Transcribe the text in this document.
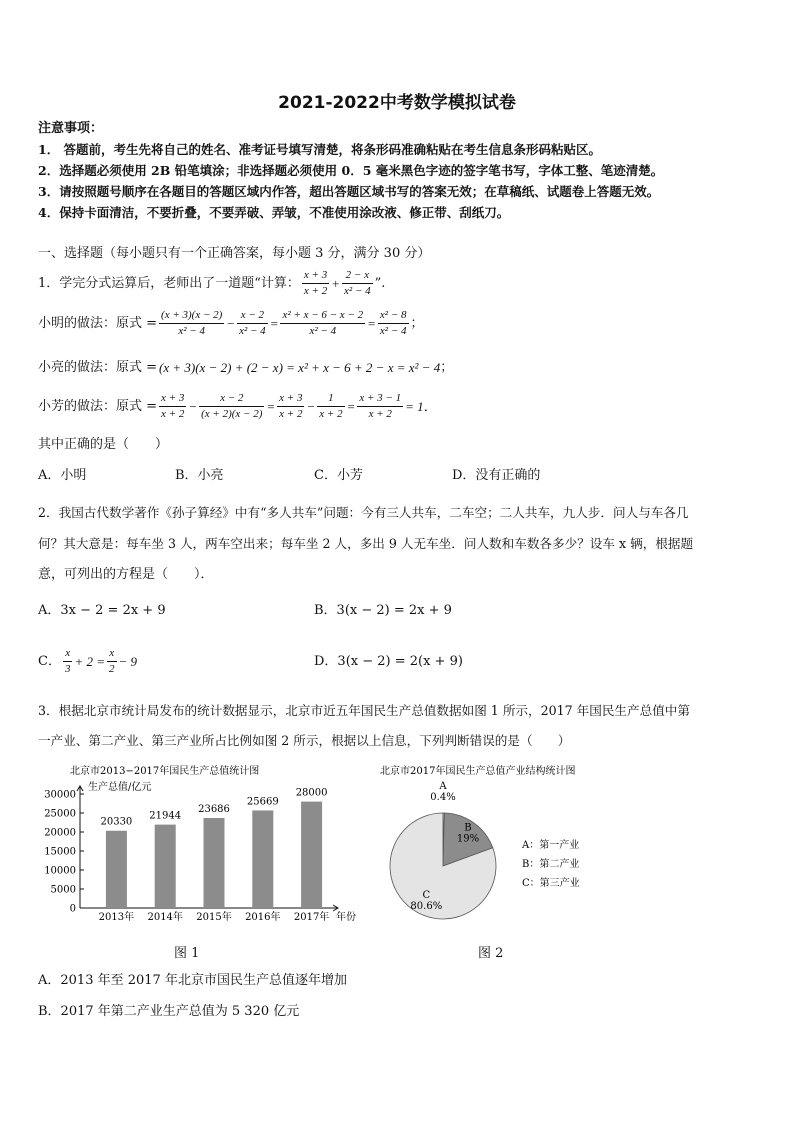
2021-2022中考数学模拟试卷
注意事项：
1． 答题前，考生先将自己的姓名、准考证号填写清楚，将条形码准确粘贴在考生信息条形码粘贴区。
2．选择题必须使用 2B 铅笔填涂；非选择题必须使用 0．5 毫米黑色字迹的签字笔书写，字体工整、笔迹清楚。
3．请按照题号顺序在各题目的答题区域内作答，超出答题区域书写的答案无效；在草稿纸、试题卷上答题无效。
4．保持卡面清洁，不要折叠，不要弄破、弄皱，不准使用涂改液、修正带、刮纸刀。
一、选择题（每小题只有一个正确答案，每小题 3 分，满分 30 分）
1．学完分式运算后，老师出了一道题“计算： $\frac{x + 3}{x + 2} + \frac{2 - x}{\text{x² − 4}}$ ”.
小明的做法：原式 = $\frac{(x + 3)(x - 2)}{\text{x² − 4}} - \frac{x - 2}{\text{x² − 4}} = \frac{\text{x² + x − 6 − x − 2}}{\text{x² − 4}} = \frac{\text{x² − 8}}{\text{x² − 4}}$ ；
小亮的做法：原式 = (x + 3)(x − 2) + (2 − x) = x² + x − 6 + 2 − x = x² − 4 ；
小芳的做法：原式 = $\frac{x + 3}{x + 2} - \frac{x - 2}{(x + 2)(x - 2)} = \frac{x + 3}{x + 2} - \frac{1}{x + 2} = \frac{x + 3 - 1}{x + 2} = 1$．
其中正确的是（　　）
A．小明	B．小亮	C．小芳	D．没有正确的
2．我国古代数学著作《孙子算经》中有“多人共车”问题：今有三人共车，二车空；二人共车，九人步．问人与车各几
何？其大意是：每车坐 3 人，两车空出来；每车坐 2 人，多出 9 人无车坐．问人数和车数各多少？设车 x 辆，根据题
意，可列出的方程是（　　）．
A．3x − 2 = 2x + 9	B．3(x − 2) = 2x + 9
C． $\frac{x}{3} + 2 = \frac{x}{2} - 9$	D．3(x − 2) = 2(x + 9)
3．根据北京市统计局发布的统计数据显示，北京市近五年国民生产总值数据如图 1 所示，2017 年国民生产总值中第
一产业、第二产业、第三产业所占比例如图 2 所示，根据以上信息，下列判断错误的是（　　）
北京市2013−2017年国民生产总值统计图
生产总值/亿元
年份
0
5000
10000
15000
20000
25000
30000
20330
21944
23686
25669
28000
2013年 2014年 2015年 2016年 2017年
北京市2017年国民生产总值产业结构统计图
A
0.4%
B
19%
C
80.6%
A：第一产业
B：第二产业
C：第三产业
图 1	图 2
A．2013 年至 2017 年北京市国民生产总值逐年增加
B．2017 年第二产业生产总值为 5 320 亿元
